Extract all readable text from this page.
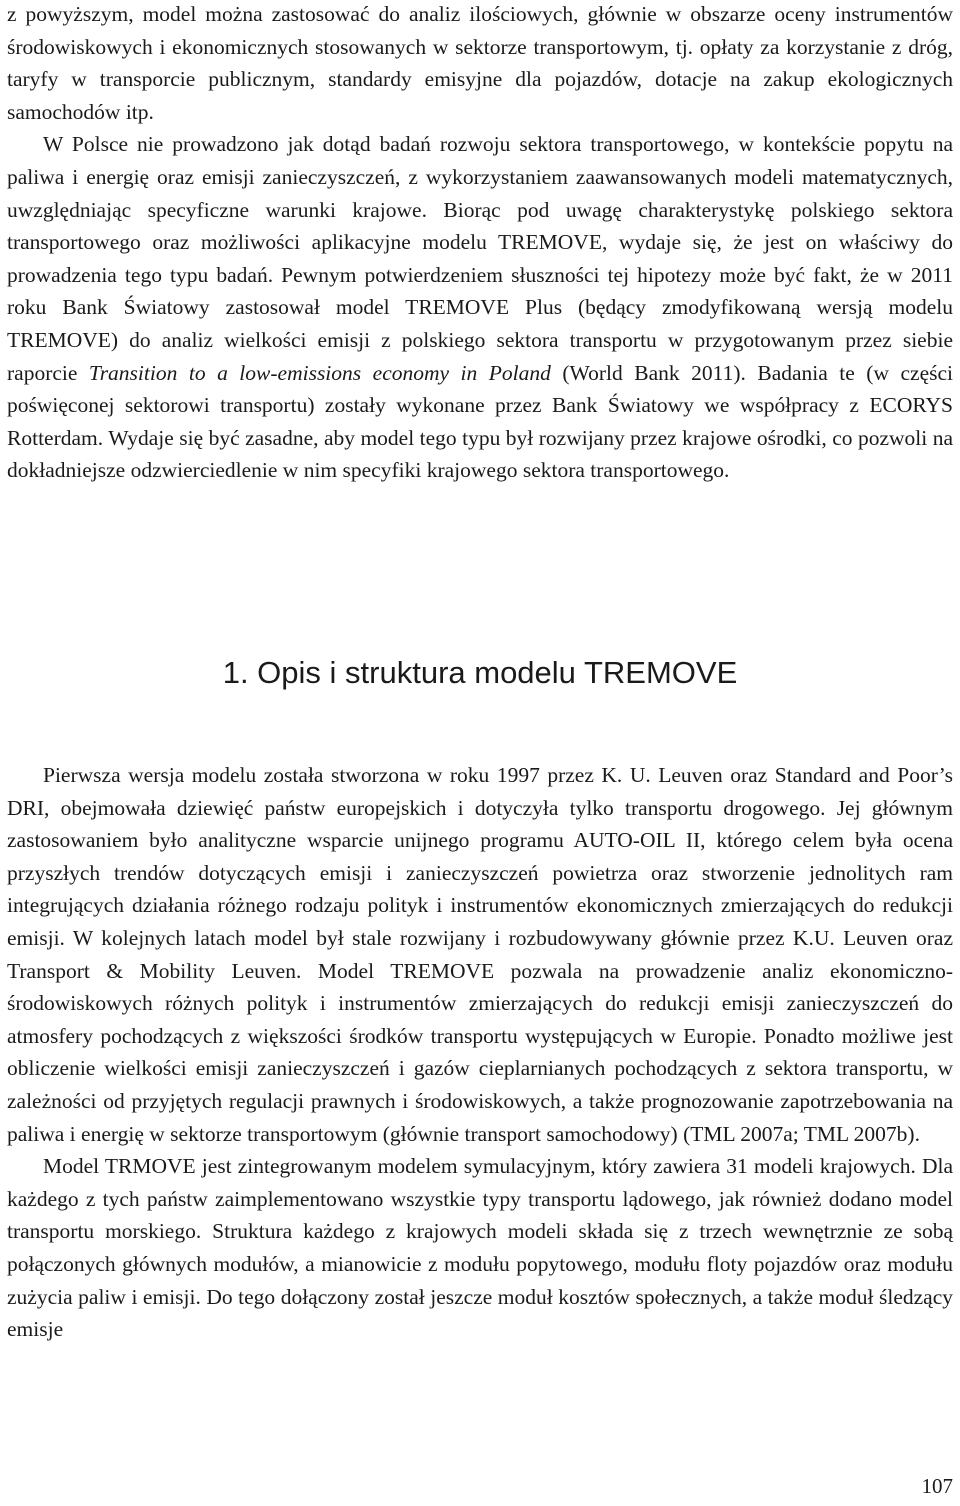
z powyższym, model można zastosować do analiz ilościowych, głównie w obszarze oceny instrumentów środowiskowych i ekonomicznych stosowanych w sektorze transportowym, tj. opłaty za korzystanie z dróg, taryfy w transporcie publicznym, standardy emisyjne dla pojazdów, dotacje na zakup ekologicznych samochodów itp.

W Polsce nie prowadzono jak dotąd badań rozwoju sektora transportowego, w kontekście popytu na paliwa i energię oraz emisji zanieczyszczeń, z wykorzystaniem zaawansowanych modeli matematycznych, uwzględniając specyficzne warunki krajowe. Biorąc pod uwagę charakterystykę polskiego sektora transportowego oraz możliwości aplikacyjne modelu TREMOVE, wydaje się, że jest on właściwy do prowadzenia tego typu badań. Pewnym potwierdzeniem słuszności tej hipotezy może być fakt, że w 2011 roku Bank Światowy zastosował model TREMOVE Plus (będący zmodyfikowaną wersją modelu TREMOVE) do analiz wielkości emisji z polskiego sektora transportu w przygotowanym przez siebie raporcie Transition to a low-emissions economy in Poland (World Bank 2011). Badania te (w części poświęconej sektorowi transportu) zostały wykonane przez Bank Światowy we współpracy z ECORYS Rotterdam. Wydaje się być zasadne, aby model tego typu był rozwijany przez krajowe ośrodki, co pozwoli na dokładniejsze odzwierciedlenie w nim specyfiki krajowego sektora transportowego.

1. Opis i struktura modelu TREMOVE

Pierwsza wersja modelu została stworzona w roku 1997 przez K. U. Leuven oraz Standard and Poor’s DRI, obejmowała dziewięć państw europejskich i dotyczyła tylko transportu drogowego. Jej głównym zastosowaniem było analityczne wsparcie unijnego programu AUTO-OIL II, którego celem była ocena przyszłych trendów dotyczących emisji i zanieczyszczeń powietrza oraz stworzenie jednolitych ram integrujących działania różnego rodzaju polityk i instrumentów ekonomicznych zmierzających do redukcji emisji. W kolejnych latach model był stale rozwijany i rozbudowywany głównie przez K.U. Leuven oraz Transport & Mobility Leuven. Model TREMOVE pozwala na prowadzenie analiz ekonomiczno-środowiskowych różnych polityk i instrumentów zmierzających do redukcji emisji zanieczyszczeń do atmosfery pochodzących z większości środków transportu występujących w Europie. Ponadto możliwe jest obliczenie wielkości emisji zanieczyszczeń i gazów cieplarnianych pochodzących z sektora transportu, w zależności od przyjętych regulacji prawnych i środowiskowych, a także prognozowanie zapotrzebowania na paliwa i energię w sektorze transportowym (głównie transport samochodowy) (TML 2007a; TML 2007b).

Model TRMOVE jest zintegrowanym modelem symulacyjnym, który zawiera 31 modeli krajowych. Dla każdego z tych państw zaimplementowano wszystkie typy transportu lądowego, jak również dodano model transportu morskiego. Struktura każdego z krajowych modeli składa się z trzech wewnętrznie ze sobą połączonych głównych modułów, a mianowicie z modułu popytowego, modułu floty pojazdów oraz modułu zużycia paliw i emisji. Do tego dołączony został jeszcze moduł kosztów społecznych, a także moduł śledzący emisje

107
